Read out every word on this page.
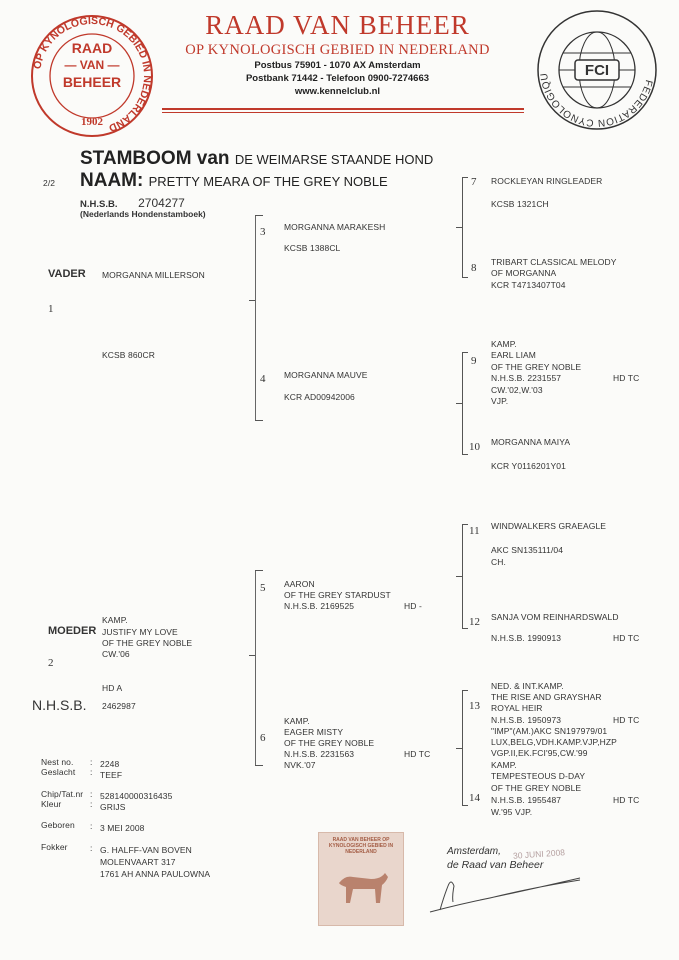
OP KYNOLOGISCH GEBIED IN NEDERLAND
RAAD
— VAN —
BEHEER
1902
RAAD VAN BEHEER
OP KYNOLOGISCH GEBIED IN NEDERLAND
Postbus 75901 - 1070 AX Amsterdam
Postbank 71442 - Telefoon 0900-7274663
www.kennelclub.nl
FEDERATION CYNOLOGIQU	FCI
2/2
STAMBOOM van DE WEIMARSE STAANDE HOND
NAAM: PRETTY MEARA OF THE GREY NOBLE
N.H.S.B. 2704277
(Nederlands Hondenstamboek)
VADER MORGANNA MILLERSON
1
KCSB 860CR
KAMP.
MOEDER JUSTIFY MY LOVE
OF THE GREY NOBLE
CW.'06
2
HD A
N.H.S.B. 2462987
3 MORGANNA MARAKESH
KCSB 1388CL
4 MORGANNA MAUVE
KCR AD00942006
5 AARON
OF THE GREY STARDUST
N.H.S.B. 2169525	HD -
KAMP.
EAGER MISTY
6 OF THE GREY NOBLE
N.H.S.B. 2231563	HD TC
NVK.'07
7 ROCKLEYAN RINGLEADER
KCSB 1321CH
TRIBART CLASSICAL MELODY
8 OF MORGANNA
KCR T4713407T04
KAMP.
EARL LIAM
9 OF THE GREY NOBLE
N.H.S.B. 2231557	HD TC
CW.'02,W.'03
VJP.
MORGANNA MAIYA
10
KCR Y0116201Y01
WINDWALKERS GRAEAGLE
11
AKC SN135111/04
CH.
SANJA VOM REINHARDSWALD
12
N.H.S.B. 1990913	HD TC
NED. & INT.KAMP.
THE RISE AND GRAYSHAR
13 ROYAL HEIR
N.H.S.B. 1950973	HD TC
"IMP"(AM.)AKC SN197979/01
LUX,BELG,VDH.KAMP.VJP,HZP
VGP.II,EK.FCI'95,CW.'99
KAMP.
TEMPESTEOUS D-DAY
OF THE GREY NOBLE
14 N.H.S.B. 1955487	HD TC
W.'95 VJP.
Nest no. : 2248
Geslacht : TEEF
Chip/Tat.nr : 528140000316435
Kleur	: GRIJS
Geboren : 3 MEI 2008
Fokker	: G. HALFF-VAN BOVEN
MOLENVAART 317
1761 AH ANNA PAULOWNA
RAAD VAN BEHEER OP KYNOLOGISCH GEBIED IN NEDERLAND	Amsterdam, 30 JUNI 2008
de Raad van Beheer
